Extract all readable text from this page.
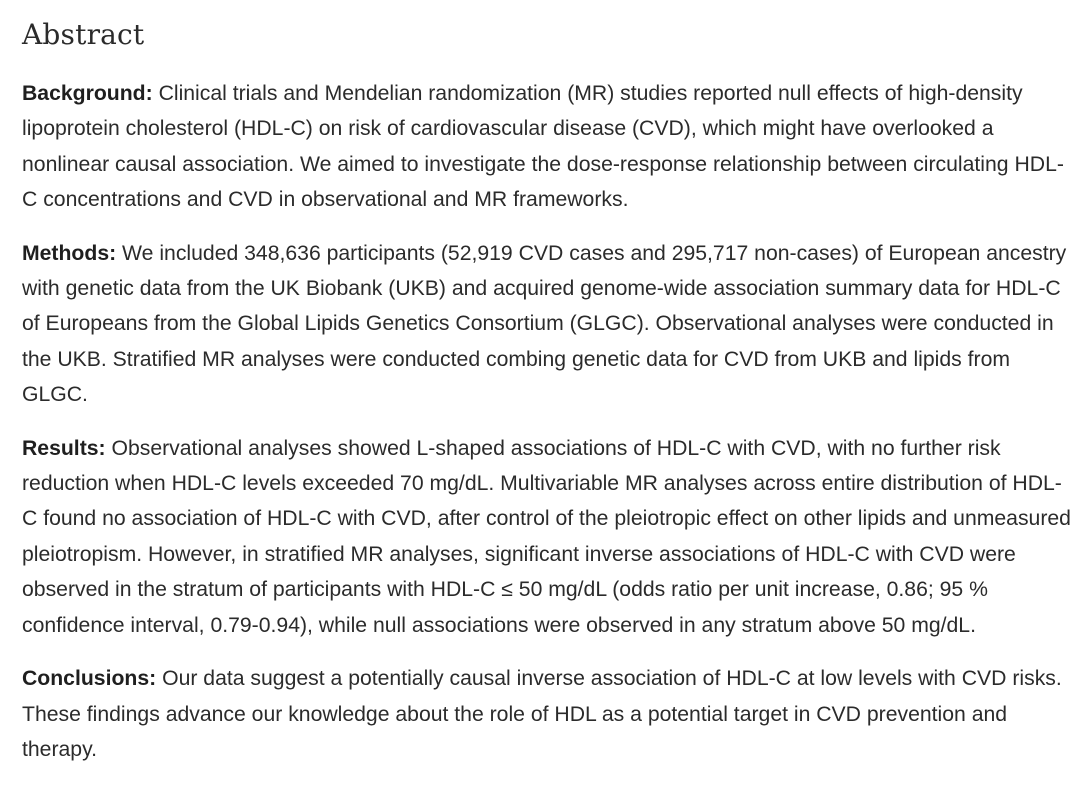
Abstract

Background: Clinical trials and Mendelian randomization (MR) studies reported null effects of high-density lipoprotein cholesterol (HDL-C) on risk of cardiovascular disease (CVD), which might have overlooked a nonlinear causal association. We aimed to investigate the dose-response relationship between circulating HDL-C concentrations and CVD in observational and MR frameworks.

Methods: We included 348,636 participants (52,919 CVD cases and 295,717 non-cases) of European ancestry with genetic data from the UK Biobank (UKB) and acquired genome-wide association summary data for HDL-C of Europeans from the Global Lipids Genetics Consortium (GLGC). Observational analyses were conducted in the UKB. Stratified MR analyses were conducted combing genetic data for CVD from UKB and lipids from GLGC.

Results: Observational analyses showed L-shaped associations of HDL-C with CVD, with no further risk reduction when HDL-C levels exceeded 70 mg/dL. Multivariable MR analyses across entire distribution of HDL-C found no association of HDL-C with CVD, after control of the pleiotropic effect on other lipids and unmeasured pleiotropism. However, in stratified MR analyses, significant inverse associations of HDL-C with CVD were observed in the stratum of participants with HDL-C ≤ 50 mg/dL (odds ratio per unit increase, 0.86; 95 % confidence interval, 0.79-0.94), while null associations were observed in any stratum above 50 mg/dL.

Conclusions: Our data suggest a potentially causal inverse association of HDL-C at low levels with CVD risks. These findings advance our knowledge about the role of HDL as a potential target in CVD prevention and therapy.
